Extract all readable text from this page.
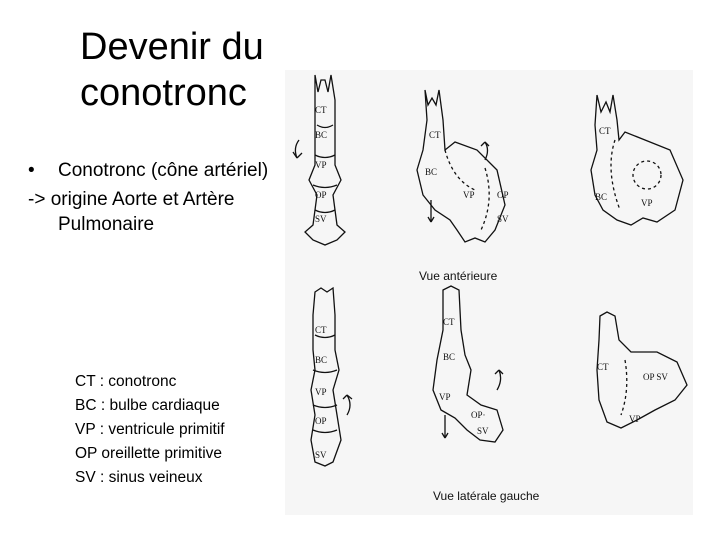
Devenir du
conotronc
• Conotronc (cône artériel)
-> origine Aorte et Artère Pulmonaire
CT : conotronc
BC : bulbe cardiaque
VP : ventricule primitif
OP oreillette primitive
SV : sinus veineux
CT
BC
VP
OP
SV
CT
BC
VP OP
SV
CT
BC
VP
CT
BC
VP
OP
SV
CT
BC
VP
OP·
SV
CT
OP SV
VP
Vue antérieure
Vue latérale gauche
